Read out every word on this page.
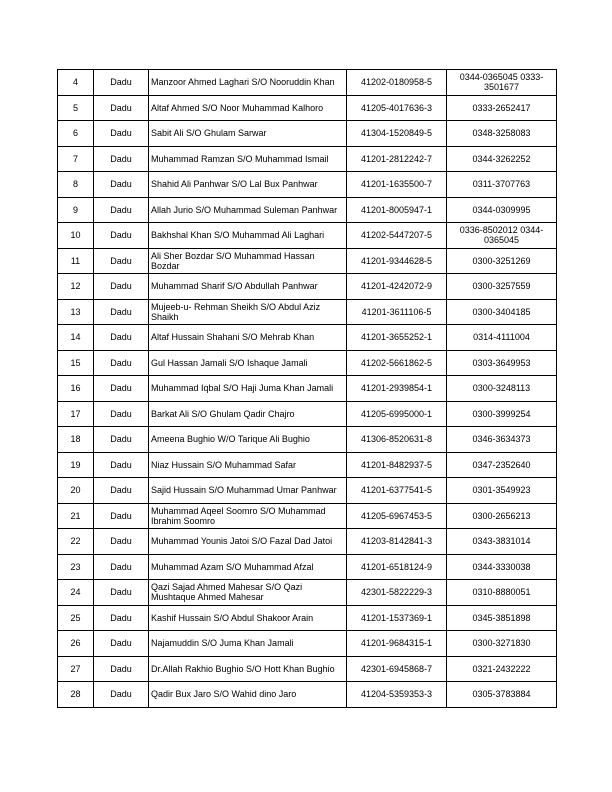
4	Dadu	Manzoor Ahmed Laghari S/O Nooruddin Khan	41202-0180958-5	0344-0365045 0333-3501677
5	Dadu	Altaf Ahmed S/O Noor Muhammad Kalhoro	41205-4017636-3	0333-2652417
6	Dadu	Sabit Ali S/O Ghulam Sarwar	41304-1520849-5	0348-3258083
7	Dadu	Muhammad Ramzan S/O Muhammad Ismail	41201-2812242-7	0344-3262252
8	Dadu	Shahid Ali Panhwar S/O Lal Bux Panhwar	41201-1635500-7	0311-3707763
9	Dadu	Allah Jurio S/O Muhammad Suleman Panhwar	41201-8005947-1	0344-0309995
10	Dadu	Bakhshal Khan S/O Muhammad Ali Laghari	41202-5447207-5	0336-8502012 0344-0365045
11	Dadu	Ali Sher Bozdar S/O Muhammad Hassan Bozdar	41201-9344628-5	0300-3251269
12	Dadu	Muhammad Sharif S/O Abdullah Panhwar	41201-4242072-9	0300-3257559
13	Dadu	Mujeeb-u- Rehman Sheikh S/O Abdul Aziz Shaikh	41201-3611106-5	0300-3404185
14	Dadu	Altaf Hussain Shahani S/O Mehrab Khan	41201-3655252-1	0314-4111004
15	Dadu	Gul Hassan Jamali S/O Ishaque Jamali	41202-5661862-5	0303-3649953
16	Dadu	Muhammad Iqbal S/O Haji Juma Khan Jamali	41201-2939854-1	0300-3248113
17	Dadu	Barkat Ali S/O Ghulam Qadir Chajro	41205-6995000-1	0300-3999254
18	Dadu	Ameena Bughio W/O Tarique Ali Bughio	41306-8520631-8	0346-3634373
19	Dadu	Niaz Hussain S/O Muhammad Safar	41201-8482937-5	0347-2352640
20	Dadu	Sajid Hussain S/O Muhammad Umar Panhwar	41201-6377541-5	0301-3549923
21	Dadu	Muhammad Aqeel Soomro S/O Muhammad Ibrahim Soomro	41205-6967453-5	0300-2656213
22	Dadu	Muhammad Younis Jatoi S/O Fazal Dad Jatoi	41203-8142841-3	0343-3831014
23	Dadu	Muhammad Azam S/O Muhammad Afzal	41201-6518124-9	0344-3330038
24	Dadu	Qazi Sajad Ahmed Mahesar S/O Qazi Mushtaque Ahmed Mahesar	42301-5822229-3	0310-8880051
25	Dadu	Kashif Hussain S/O Abdul Shakoor Arain	41201-1537369-1	0345-3851898
26	Dadu	Najamuddin S/O Juma Khan Jamali	41201-9684315-1	0300-3271830
27	Dadu	Dr.Allah Rakhio Bughio S/O Hott Khan Bughio	42301-6945868-7	0321-2432222
28	Dadu	Qadir Bux Jaro S/O Wahid dino Jaro	41204-5359353-3	0305-3783884
